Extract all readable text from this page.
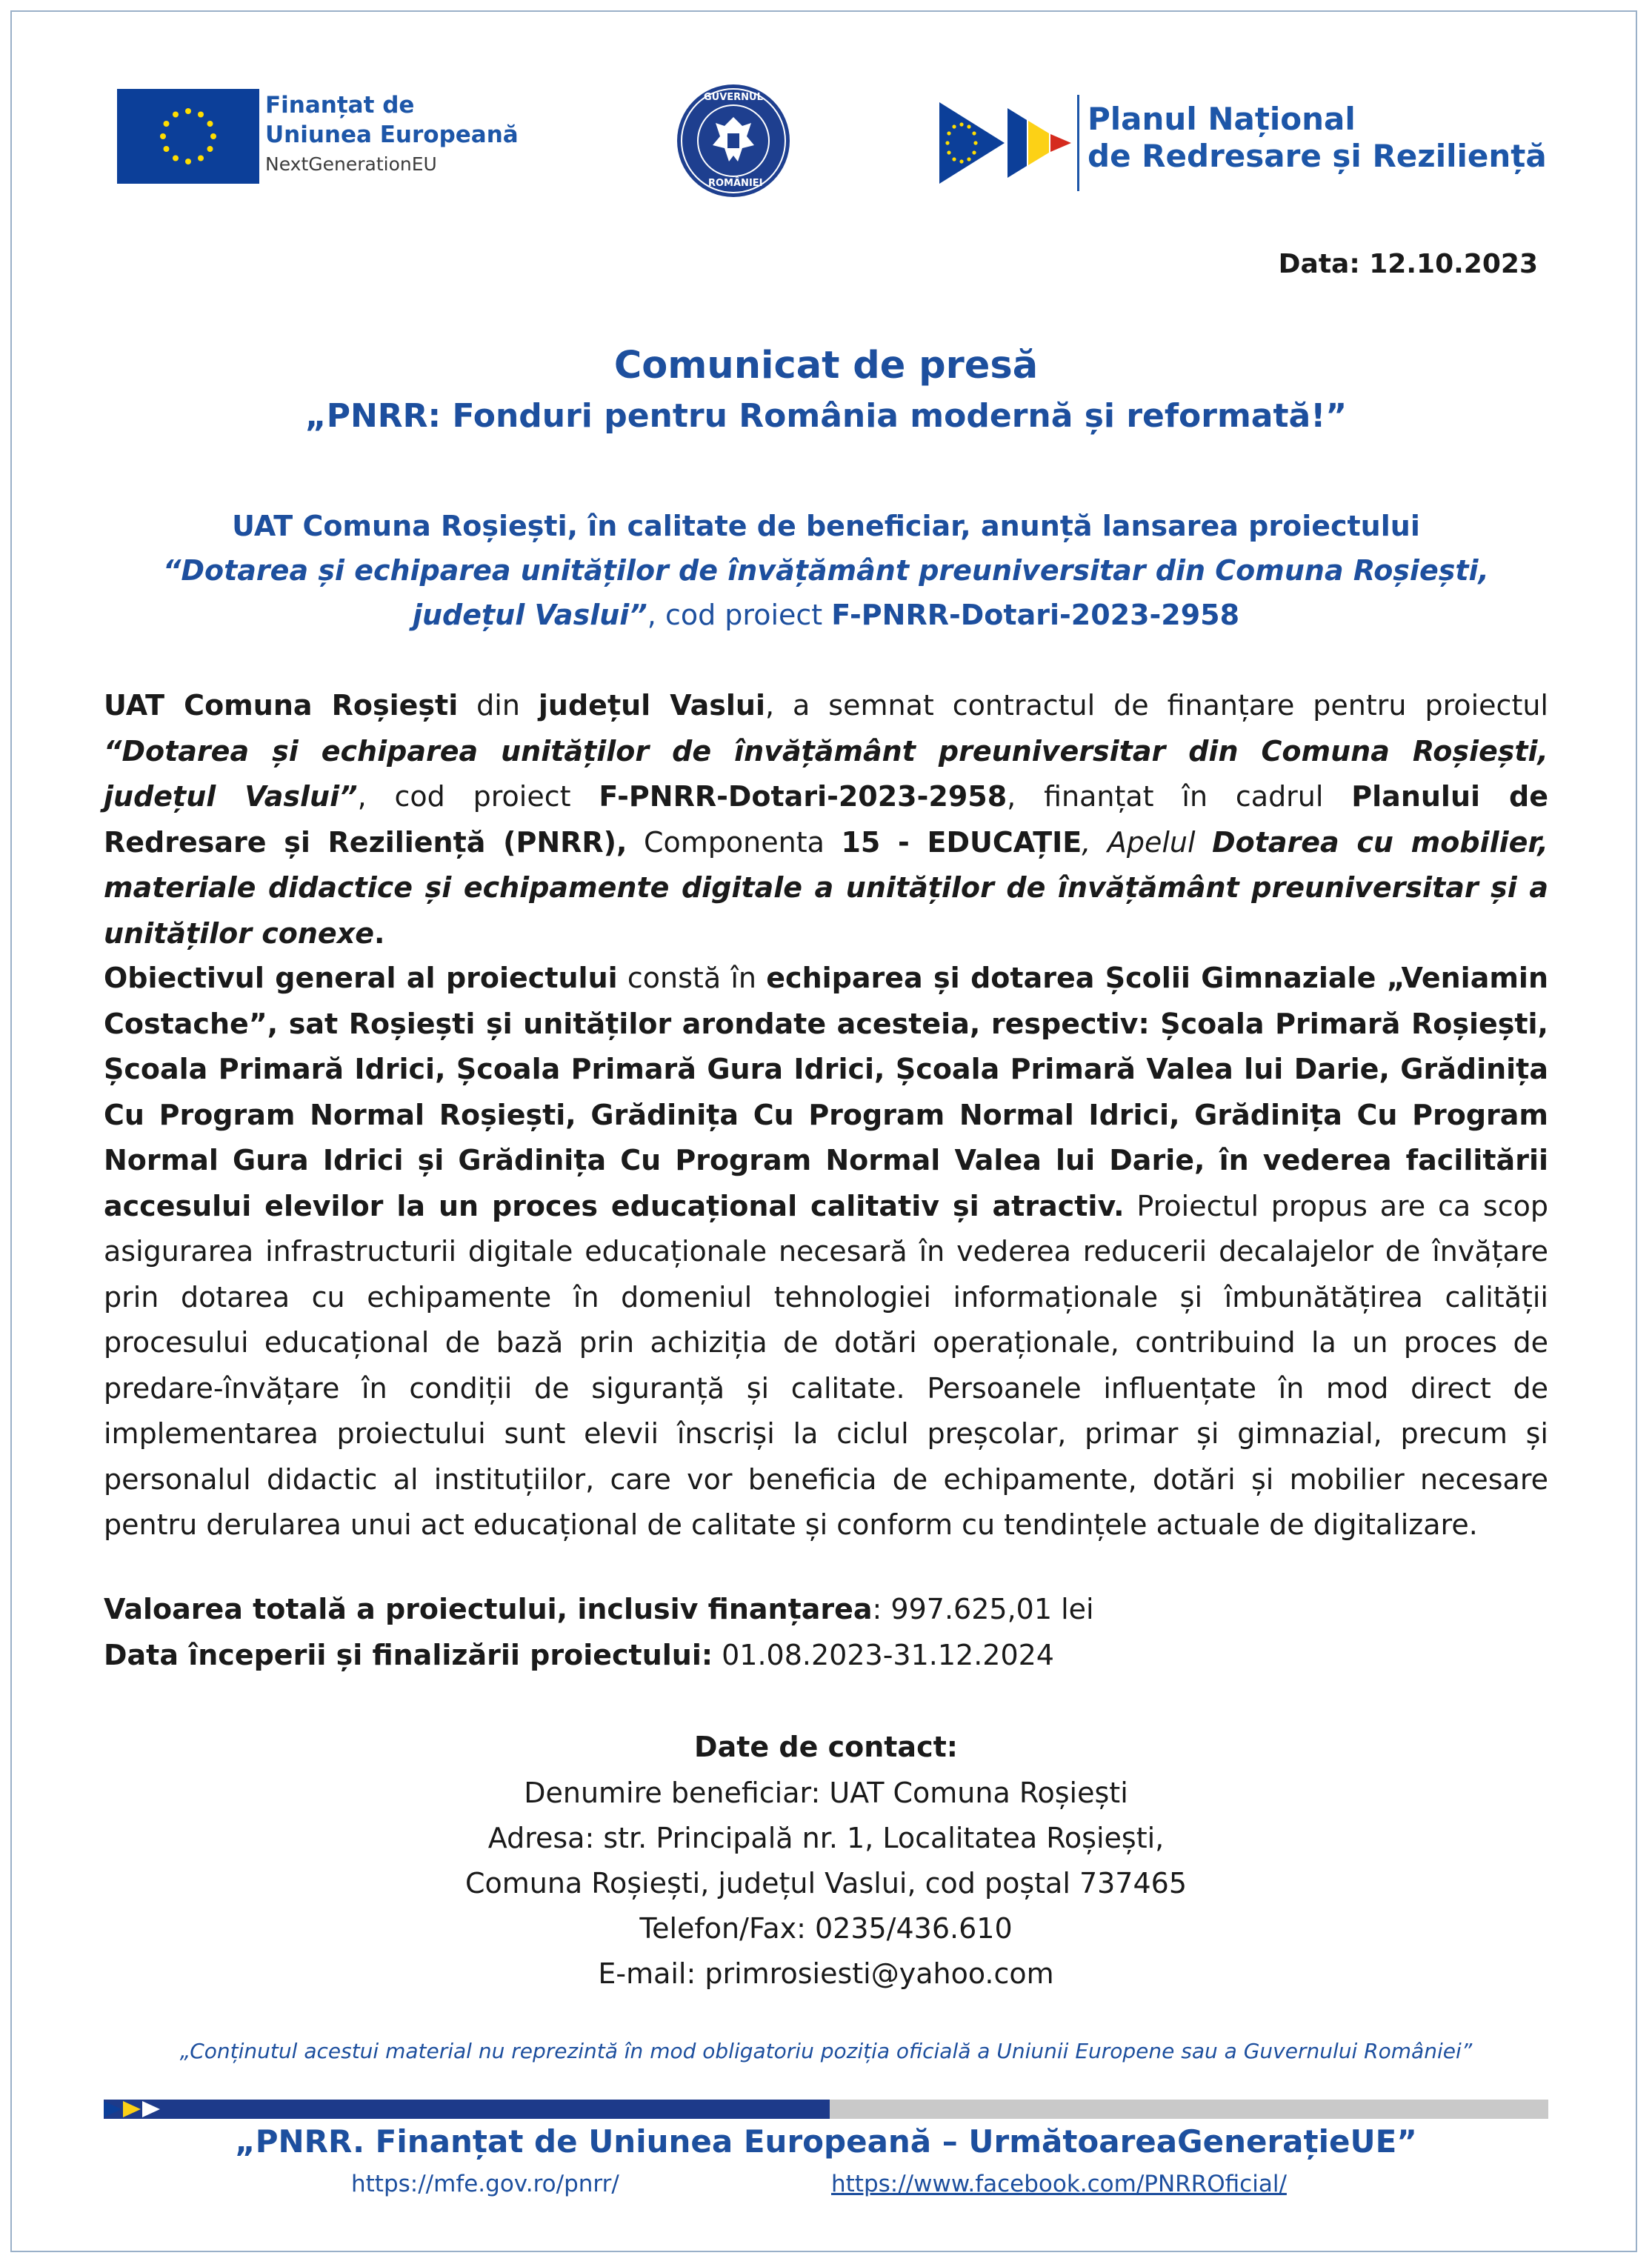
Finanțat de
Uniunea Europeană
NextGenerationEU
GUVERNUL
ROMÂNIEI
Planul Național
de Redresare și Reziliență
Data: 12.10.2023
Comunicat de presă
„PNRR: Fonduri pentru România modernă și reformată!”
UAT Comuna Roșiești, în calitate de beneficiar, anunță lansarea proiectului
“Dotarea și echiparea unităților de învățământ preuniversitar din Comuna Roșiești, județul Vaslui”, cod proiect F-PNRR-Dotari-2023-2958
UAT Comuna Roșiești din județul Vaslui, a semnat contractul de finanțare pentru proiectul “Dotarea și echiparea unităților de învățământ preuniversitar din Comuna Roșiești, județul Vaslui”, cod proiect F-PNRR-Dotari-2023-2958, finanțat în cadrul Planului de Redresare și Reziliență (PNRR), Componenta 15 - EDUCAȚIE, Apelul Dotarea cu mobilier, materiale didactice și echipamente digitale a unităților de învățământ preuniversitar și a unităților conexe.
Obiectivul general al proiectului constă în echiparea și dotarea Școlii Gimnaziale „Veniamin Costache”, sat Roșiești și unităților arondate acesteia, respectiv: Școala Primară Roșiești, Școala Primară Idrici, Școala Primară Gura Idrici, Școala Primară Valea lui Darie, Grădinița Cu Program Normal Roșiești, Grădinița Cu Program Normal Idrici, Grădinița Cu Program Normal Gura Idrici și Grădinița Cu Program Normal Valea lui Darie, în vederea facilitării accesului elevilor la un proces educațional calitativ și atractiv. Proiectul propus are ca scop asigurarea infrastructurii digitale educaționale necesară în vederea reducerii decalajelor de învățare prin dotarea cu echipamente în domeniul tehnologiei informaționale și îmbunătățirea calității procesului educațional de bază prin achiziția de dotări operaționale, contribuind la un proces de predare-învățare în condiții de siguranță și calitate. Persoanele influențate în mod direct de implementarea proiectului sunt elevii înscriși la ciclul preșcolar, primar și gimnazial, precum și personalul didactic al instituțiilor, care vor beneficia de echipamente, dotări și mobilier necesare pentru derularea unui act educațional de calitate și conform cu tendințele actuale de digitalizare.
Valoarea totală a proiectului, inclusiv finanțarea: 997.625,01 lei
Data începerii și finalizării proiectului: 01.08.2023-31.12.2024
Date de contact:
Denumire beneficiar: UAT Comuna Roșiești
Adresa: str. Principală nr. 1, Localitatea Roșiești,
Comuna Roșiești, județul Vaslui, cod poștal 737465
Telefon/Fax: 0235/436.610
E-mail: primrosiesti@yahoo.com
„Conținutul acestui material nu reprezintă în mod obligatoriu poziția oficială a Uniunii Europene sau a Guvernului României”
„PNRR. Finanțat de Uniunea Europeană – UrmătoareaGenerațieUE”
https://mfe.gov.ro/pnrr/	https://www.facebook.com/PNRROficial/
